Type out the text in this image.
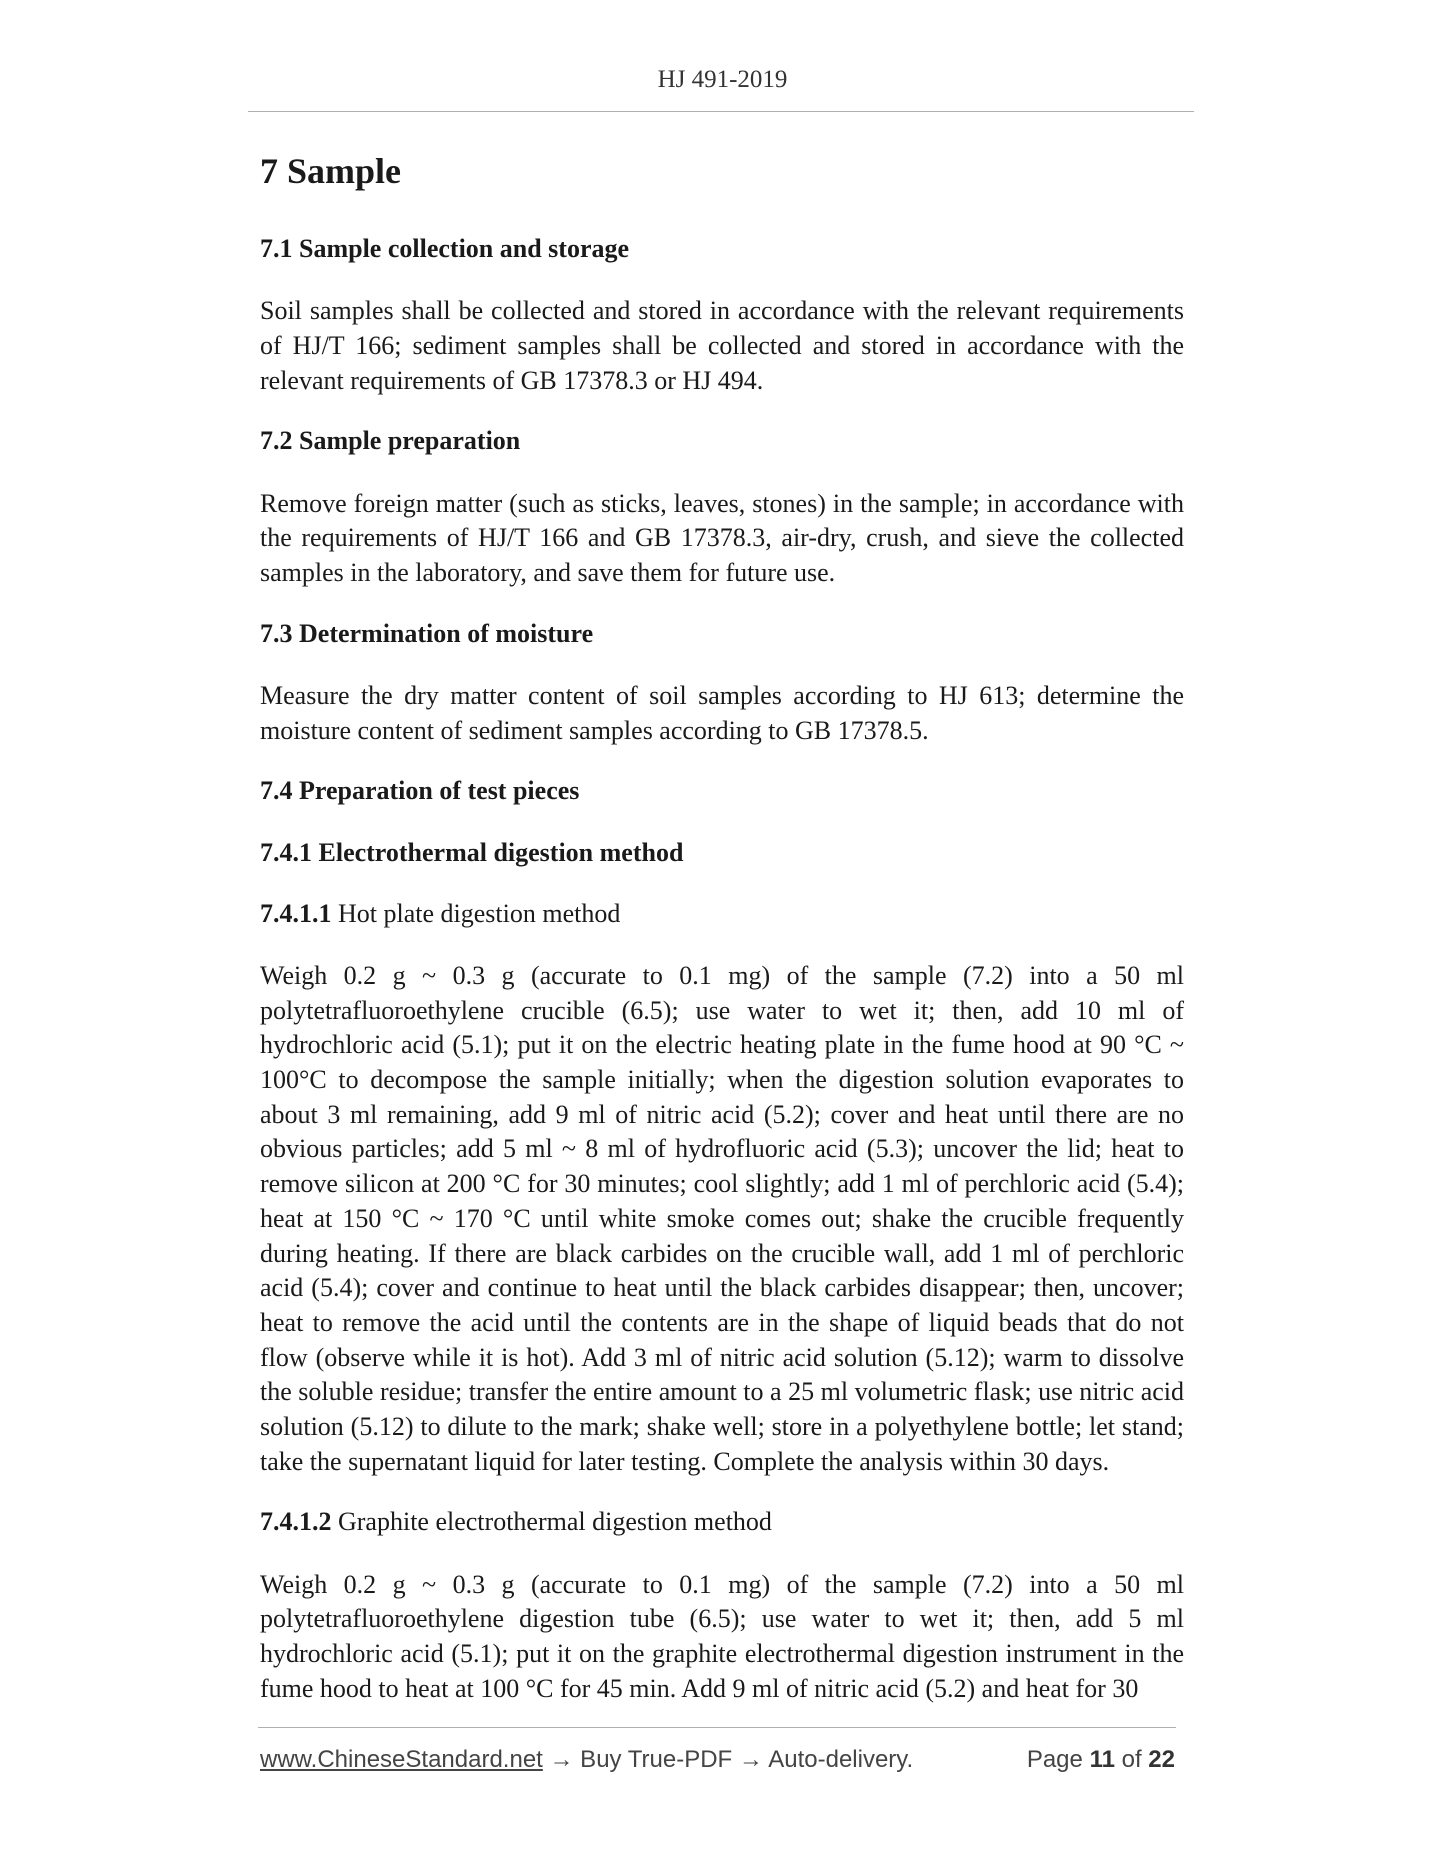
HJ 491-2019
7 Sample
7.1 Sample collection and storage

Soil samples shall be collected and stored in accordance with the relevant requirements of HJ/T 166; sediment samples shall be collected and stored in accordance with the relevant requirements of GB 17378.3 or HJ 494.

7.2 Sample preparation

Remove foreign matter (such as sticks, leaves, stones) in the sample; in accordance with the requirements of HJ/T 166 and GB 17378.3, air-dry, crush, and sieve the collected samples in the laboratory, and save them for future use.

7.3 Determination of moisture

Measure the dry matter content of soil samples according to HJ 613; determine the moisture content of sediment samples according to GB 17378.5.

7.4 Preparation of test pieces
7.4.1 Electrothermal digestion method
7.4.1.1 Hot plate digestion method

Weigh 0.2 g ~ 0.3 g (accurate to 0.1 mg) of the sample (7.2) into a 50 ml polytetrafluoroethylene crucible (6.5); use water to wet it; then, add 10 ml of hydrochloric acid (5.1); put it on the electric heating plate in the fume hood at 90 °C ~ 100°C to decompose the sample initially; when the digestion solution evaporates to about 3 ml remaining, add 9 ml of nitric acid (5.2); cover and heat until there are no obvious particles; add 5 ml ~ 8 ml of hydrofluoric acid (5.3); uncover the lid; heat to remove silicon at 200 °C for 30 minutes; cool slightly; add 1 ml of perchloric acid (5.4); heat at 150 °C ~ 170 °C until white smoke comes out; shake the crucible frequently during heating. If there are black carbides on the crucible wall, add 1 ml of perchloric acid (5.4); cover and continue to heat until the black carbides disappear; then, uncover; heat to remove the acid until the contents are in the shape of liquid beads that do not flow (observe while it is hot). Add 3 ml of nitric acid solution (5.12); warm to dissolve the soluble residue; transfer the entire amount to a 25 ml volumetric flask; use nitric acid solution (5.12) to dilute to the mark; shake well; store in a polyethylene bottle; let stand; take the supernatant liquid for later testing. Complete the analysis within 30 days.

7.4.1.2 Graphite electrothermal digestion method

Weigh 0.2 g ~ 0.3 g (accurate to 0.1 mg) of the sample (7.2) into a 50 ml polytetrafluoroethylene digestion tube (6.5); use water to wet it; then, add 5 ml hydrochloric acid (5.1); put it on the graphite electrothermal digestion instrument in the fume hood to heat at 100 °C for 45 min. Add 9 ml of nitric acid (5.2) and heat for 30

www.ChineseStandard.net → Buy True-PDF → Auto-delivery.	Page 11 of 22
